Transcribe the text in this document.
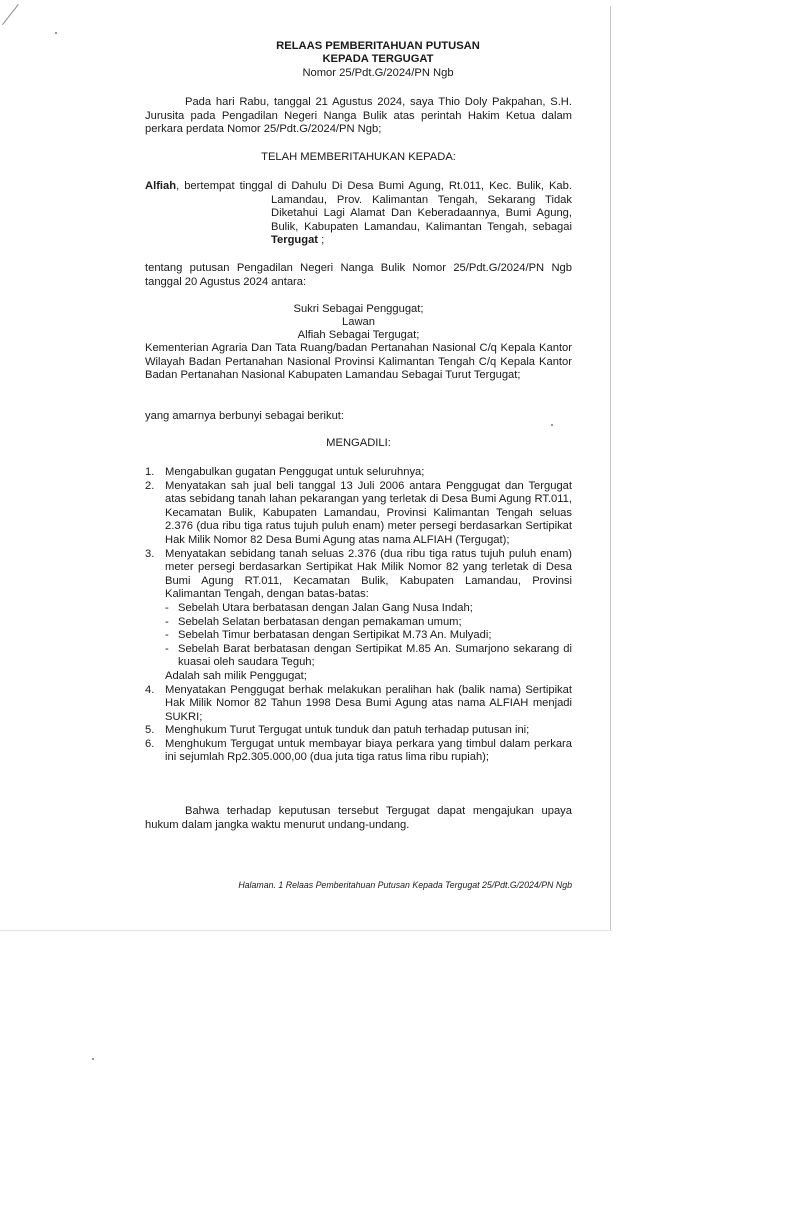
RELAAS PEMBERITAHUAN PUTUSAN
KEPADA TERGUGAT
Nomor 25/Pdt.G/2024/PN Ngb
Pada hari Rabu, tanggal 21 Agustus 2024, saya Thio Doly Pakpahan, S.H. Jurusita pada Pengadilan Negeri Nanga Bulik atas perintah Hakim Ketua dalam perkara perdata Nomor 25/Pdt.G/2024/PN Ngb;
TELAH MEMBERITAHUKAN KEPADA:
Alfiah, bertempat tinggal di Dahulu Di Desa Bumi Agung, Rt.011, Kec. Bulik, Kab. Lamandau, Prov. Kalimantan Tengah, Sekarang Tidak Diketahui Lagi Alamat Dan Keberadaannya, Bumi Agung, Bulik, Kabupaten Lamandau, Kalimantan Tengah, sebagai Tergugat ;
tentang putusan Pengadilan Negeri Nanga Bulik Nomor 25/Pdt.G/2024/PN Ngb tanggal 20 Agustus 2024 antara:
Sukri Sebagai Penggugat;
Lawan
Alfiah Sebagai Tergugat;
Kementerian Agraria Dan Tata Ruang/badan Pertanahan Nasional C/q Kepala Kantor Wilayah Badan Pertanahan Nasional Provinsi Kalimantan Tengah C/q Kepala Kantor Badan Pertanahan Nasional Kabupaten Lamandau Sebagai Turut Tergugat;
yang amarnya berbunyi sebagai berikut:
MENGADILI:
1. Mengabulkan gugatan Penggugat untuk seluruhnya;
2. Menyatakan sah jual beli tanggal 13 Juli 2006 antara Penggugat dan Tergugat atas sebidang tanah lahan pekarangan yang terletak di Desa Bumi Agung RT.011, Kecamatan Bulik, Kabupaten Lamandau, Provinsi Kalimantan Tengah seluas 2.376 (dua ribu tiga ratus tujuh puluh enam) meter persegi berdasarkan Sertipikat Hak Milik Nomor 82 Desa Bumi Agung atas nama ALFIAH (Tergugat);
3. Menyatakan sebidang tanah seluas 2.376 (dua ribu tiga ratus tujuh puluh enam) meter persegi berdasarkan Sertipikat Hak Milik Nomor 82 yang terletak di Desa Bumi Agung RT.011, Kecamatan Bulik, Kabupaten Lamandau, Provinsi Kalimantan Tengah, dengan batas-batas:
- Sebelah Utara berbatasan dengan Jalan Gang Nusa Indah;
- Sebelah Selatan berbatasan dengan pemakaman umum;
- Sebelah Timur berbatasan dengan Sertipikat M.73 An. Mulyadi;
- Sebelah Barat berbatasan dengan Sertipikat M.85 An. Sumarjono sekarang di kuasai oleh saudara Teguh;
Adalah sah milik Penggugat;
4. Menyatakan Penggugat berhak melakukan peralihan hak (balik nama) Sertipikat Hak Milik Nomor 82 Tahun 1998 Desa Bumi Agung atas nama ALFIAH menjadi SUKRI;
5. Menghukum Turut Tergugat untuk tunduk dan patuh terhadap putusan ini;
6. Menghukum Tergugat untuk membayar biaya perkara yang timbul dalam perkara ini sejumlah Rp2.305.000,00 (dua juta tiga ratus lima ribu rupiah);
Bahwa terhadap keputusan tersebut Tergugat dapat mengajukan upaya hukum dalam jangka waktu menurut undang-undang.
Halaman. 1 Relaas Pemberitahuan Putusan Kepada Tergugat 25/Pdt.G/2024/PN Ngb
